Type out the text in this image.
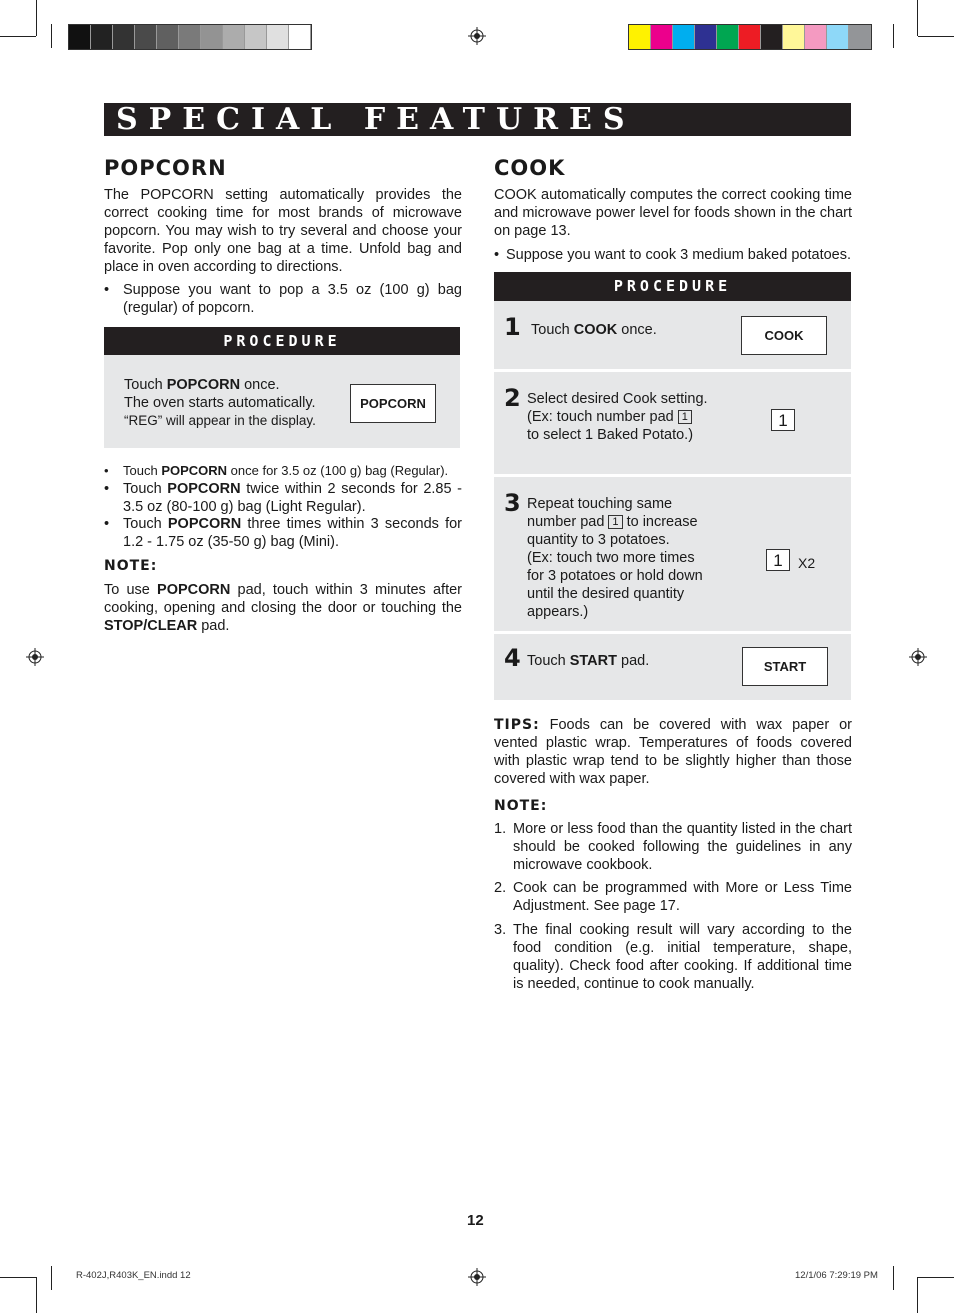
SPECIAL FEATURES
POPCORN

The POPCORN setting automatically provides the correct cooking time for most brands of microwave popcorn. You may wish to try several and choose your favorite. Pop only one bag at a time. Unfold bag and place in oven according to directions.

• Suppose you want to pop a 3.5 oz (100 g) bag (regular) of popcorn.
PROCEDURE

Touch POPCORN once.
The oven starts automatically.
“REG” will appear in the display.

POPCORN
• Touch POPCORN once for 3.5 oz (100 g) bag (Regular).
• Touch POPCORN twice within 2 seconds for 2.85 - 3.5 oz (80-100 g) bag (Light Regular).
• Touch POPCORN three times within 3 seconds for 1.2 - 1.75 oz (35-50 g) bag (Mini).
NOTE:

To use POPCORN pad, touch within 3 minutes after cooking, opening and closing the door or touching the STOP/CLEAR pad.

COOK

COOK automatically computes the correct cooking time and microwave power level for foods shown in the chart on page 13.

• Suppose you want to cook 3 medium baked potatoes.
PROCEDURE
1 Touch COOK once.	COOK
2 Select desired Cook setting.
(Ex: touch number pad 1
to select 1 Baked Potato.)

1
3 Repeat touching same
number pad 1 to increase
quantity to 3 potatoes.
(Ex: touch two more times
for 3 potatoes or hold down
until the desired quantity
appears.)

1	X2
4 Touch START pad.	START

TIPS: Foods can be covered with wax paper or vented plastic wrap. Temperatures of foods covered with plastic wrap tend to be slightly higher than those covered with wax paper.

NOTE:
1. More or less food than the quantity listed in the chart should be cooked following the guidelines in any microwave cookbook.
2. Cook can be programmed with More or Less Time Adjustment. See page 17.
3. The final cooking result will vary according to the food condition (e.g. initial temperature, shape, quality). Check food after cooking. If additional time is needed, continue to cook manually.
12
R-402J,R403K_EN.indd 12	12/1/06 7:29:19 PM
